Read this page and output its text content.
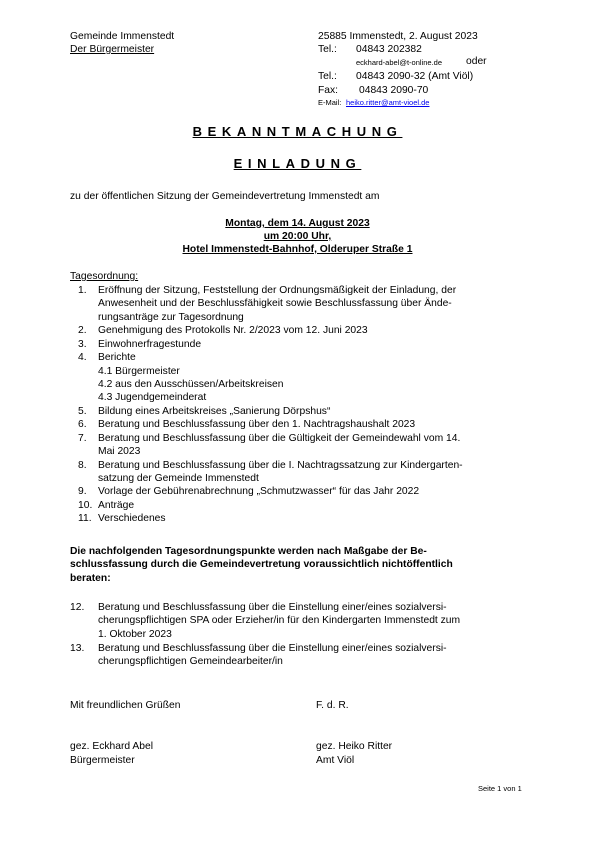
Gemeinde Immenstedt
Der Bürgermeister
25885 Immenstedt, 2. August 2023
Tel.: 04843 202382
eckhard-abel@t-online.de oder
Tel.: 04843 2090-32 (Amt Viöl)
Fax: 04843 2090-70
E-Mail: heiko.ritter@amt-vioel.de
BEKANNTMACHUNG
EINLADUNG
zu der öffentlichen Sitzung der Gemeindevertretung Immenstedt am
Montag, dem 14. August 2023
um 20:00 Uhr,
Hotel Immenstedt-Bahnhof, Olderuper Straße 1
Tagesordnung:
1. Eröffnung der Sitzung, Feststellung der Ordnungsmäßigkeit der Einladung, der
Anwesenheit und der Beschlussfähigkeit sowie Beschlussfassung über Ände-
rungsanträge zur Tagesordnung
2. Genehmigung des Protokolls Nr. 2/2023 vom 12. Juni 2023
3. Einwohnerfragestunde
4. Berichte
4.1 Bürgermeister
4.2 aus den Ausschüssen/Arbeitskreisen
4.3 Jugendgemeinderat
5. Bildung eines Arbeitskreises „Sanierung Dörpshus“
6. Beratung und Beschlussfassung über den 1. Nachtragshaushalt 2023
7. Beratung und Beschlussfassung über die Gültigkeit der Gemeindewahl vom 14.
Mai 2023
8. Beratung und Beschlussfassung über die I. Nachtragssatzung zur Kindergarten-
satzung der Gemeinde Immenstedt
9. Vorlage der Gebührenabrechnung „Schmutzwasser“ für das Jahr 2022
10. Anträge
11. Verschiedenes
Die nachfolgenden Tagesordnungspunkte werden nach Maßgabe der Be-
schlussfassung durch die Gemeindevertretung voraussichtlich nichtöffentlich
beraten:
12. Beratung und Beschlussfassung über die Einstellung einer/eines sozialversi-
cherungspflichtigen SPA oder Erzieher/in für den Kindergarten Immenstedt zum
1. Oktober 2023
13. Beratung und Beschlussfassung über die Einstellung einer/eines sozialversi-
cherungspflichtigen Gemeindearbeiter/in
Mit freundlichen Grüßen	F. d. R.
gez. Eckhard Abel
Bürgermeister
gez. Heiko Ritter
Amt Viöl
Seite 1 von 1
